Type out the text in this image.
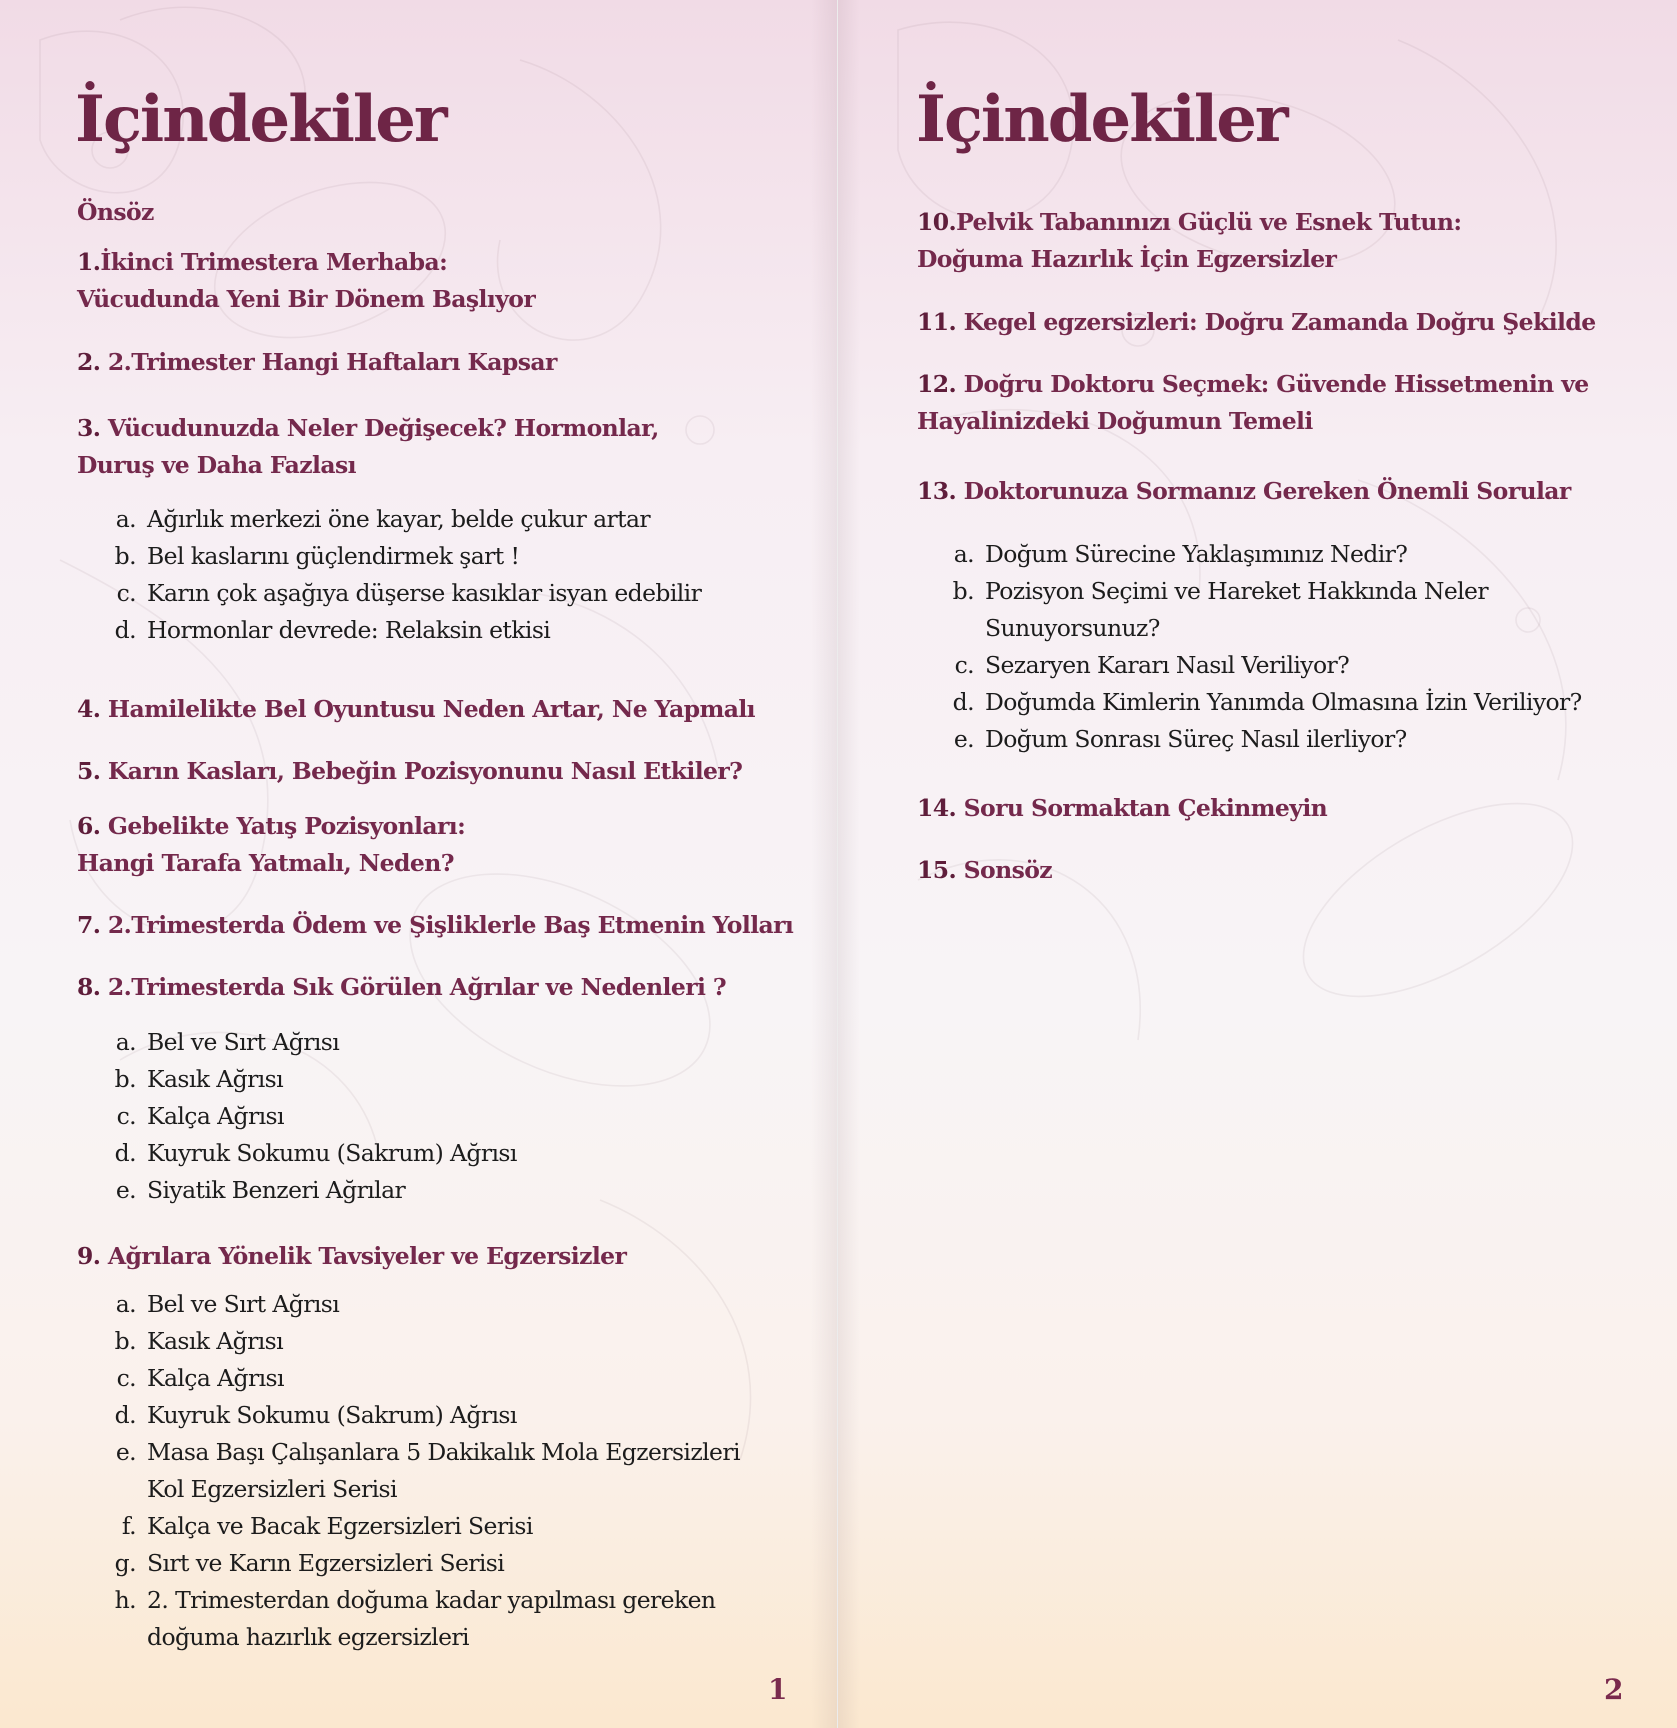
İçindekiler
Önsöz
1.İkinci Trimestera Merhaba:
Vücudunda Yeni Bir Dönem Başlıyor
2. 2.Trimester Hangi Haftaları Kapsar
3. Vücudunuzda Neler Değişecek? Hormonlar,
Duruş ve Daha Fazlası
a. Ağırlık merkezi öne kayar, belde çukur artar
b. Bel kaslarını güçlendirmek şart !
c. Karın çok aşağıya düşerse kasıklar isyan edebilir
d. Hormonlar devrede: Relaksin etkisi
4. Hamilelikte Bel Oyuntusu Neden Artar, Ne Yapmalı
5. Karın Kasları, Bebeğin Pozisyonunu Nasıl Etkiler?
6. Gebelikte Yatış Pozisyonları:
Hangi Tarafa Yatmalı, Neden?
7. 2.Trimesterda Ödem ve Şişliklerle Baş Etmenin Yolları
8. 2.Trimesterda Sık Görülen Ağrılar ve Nedenleri ?
a. Bel ve Sırt Ağrısı
b. Kasık Ağrısı
c. Kalça Ağrısı
d. Kuyruk Sokumu (Sakrum) Ağrısı
e. Siyatik Benzeri Ağrılar
9. Ağrılara Yönelik Tavsiyeler ve Egzersizler
a. Bel ve Sırt Ağrısı
b. Kasık Ağrısı
c. Kalça Ağrısı
d. Kuyruk Sokumu (Sakrum) Ağrısı
e. Masa Başı Çalışanlara 5 Dakikalık Mola Egzersizleri
Kol Egzersizleri Serisi
f. Kalça ve Bacak Egzersizleri Serisi
g. Sırt ve Karın Egzersizleri Serisi
h. 2. Trimesterdan doğuma kadar yapılması gereken
doğuma hazırlık egzersizleri
1
İçindekiler
10.Pelvik Tabanınızı Güçlü ve Esnek Tutun:
Doğuma Hazırlık İçin Egzersizler
11. Kegel egzersizleri: Doğru Zamanda Doğru Şekilde
12. Doğru Doktoru Seçmek: Güvende Hissetmenin ve
Hayalinizdeki Doğumun Temeli
13. Doktorunuza Sormanız Gereken Önemli Sorular
a. Doğum Sürecine Yaklaşımınız Nedir?
b. Pozisyon Seçimi ve Hareket Hakkında Neler
Sunuyorsunuz?
c. Sezaryen Kararı Nasıl Veriliyor?
d. Doğumda Kimlerin Yanımda Olmasına İzin Veriliyor?
e. Doğum Sonrası Süreç Nasıl ilerliyor?
14. Soru Sormaktan Çekinmeyin
15. Sonsöz
2
